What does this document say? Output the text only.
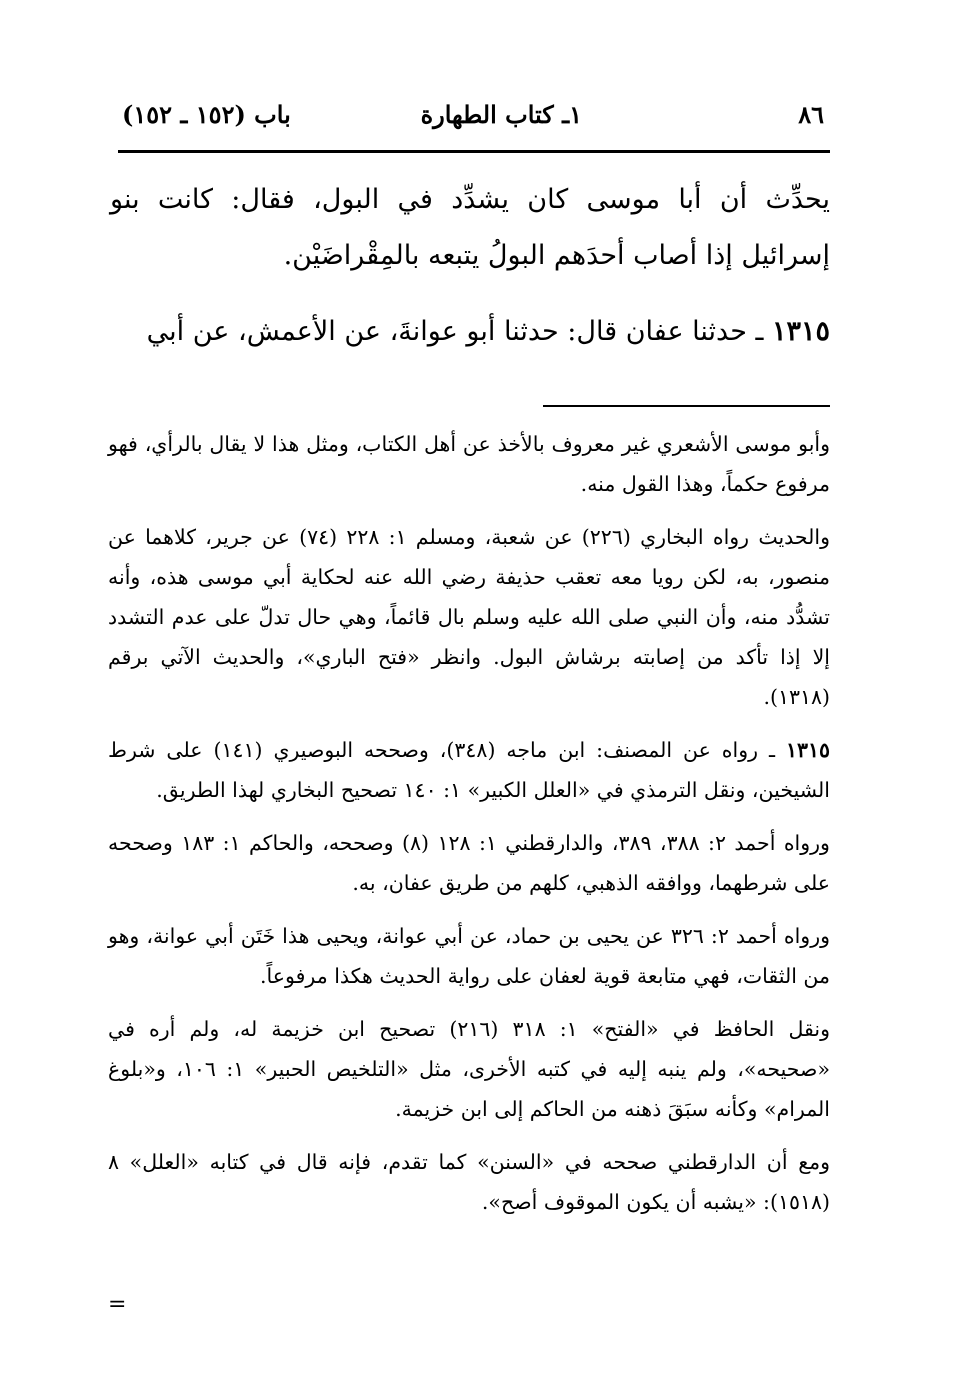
٨٦
١ـ كتاب الطهارة
باب (١٥٢ ـ ١٥٢)

يحدِّث أن أبا موسى كان يشدِّد في البول، فقال: كانت بنو إسرائيل إذا أصاب أحدَهم البولُ يتبعه بالمِقْراضَيْن.

١٣١٥ ـ حدثنا عفان قال: حدثنا أبو عوانةَ، عن الأعمش، عن أبي

وأبو موسى الأشعري غير معروف بالأخذ عن أهل الكتاب، ومثل هذا لا يقال بالرأي، فهو مرفوع حكماً، وهذا القول منه.

والحديث رواه البخاري (٢٢٦) عن شعبة، ومسلم ١: ٢٢٨ (٧٤) عن جرير، كلاهما عن منصور، به، لكن رويا معه تعقب حذيفة رضي الله عنه لحكاية أبي موسى هذه، وأنه تشدُّد منه، وأن النبي صلى الله عليه وسلم بال قائماً، وهي حال تدلّ على عدم التشدد إلا إذا تأكد من إصابته برشاش البول. وانظر «فتح الباري»، والحديث الآتي برقم (١٣١٨).

١٣١٥ ـ رواه عن المصنف: ابن ماجه (٣٤٨)، وصححه البوصيري (١٤١) على شرط الشيخين، ونقل الترمذي في «العلل الكبير» ١: ١٤٠ تصحيح البخاري لهذا الطريق.

ورواه أحمد ٢: ٣٨٨، ٣٨٩، والدارقطني ١: ١٢٨ (٨) وصححه، والحاكم ١: ١٨٣ وصححه على شرطهما، ووافقه الذهبي، كلهم من طريق عفان، به.

ورواه أحمد ٢: ٣٢٦ عن يحيى بن حماد، عن أبي عوانة، ويحيى هذا خَتَن أبي عوانة، وهو من الثقات، فهي متابعة قوية لعفان على رواية الحديث هكذا مرفوعاً.

ونقل الحافظ في «الفتح» ١: ٣١٨ (٢١٦) تصحيح ابن خزيمة له، ولم أره في «صحيحه»، ولم ينبه إليه في كتبه الأخرى، مثل «التلخيص الحبير» ١: ١٠٦، و«بلوغ المرام» وكأنه سبَقَ ذهنه من الحاكم إلى ابن خزيمة.

ومع أن الدارقطني صححه في «السنن» كما تقدم، فإنه قال في كتابه «العلل» ٨ (١٥١٨): «يشبه أن يكون الموقوف أصح».

=
